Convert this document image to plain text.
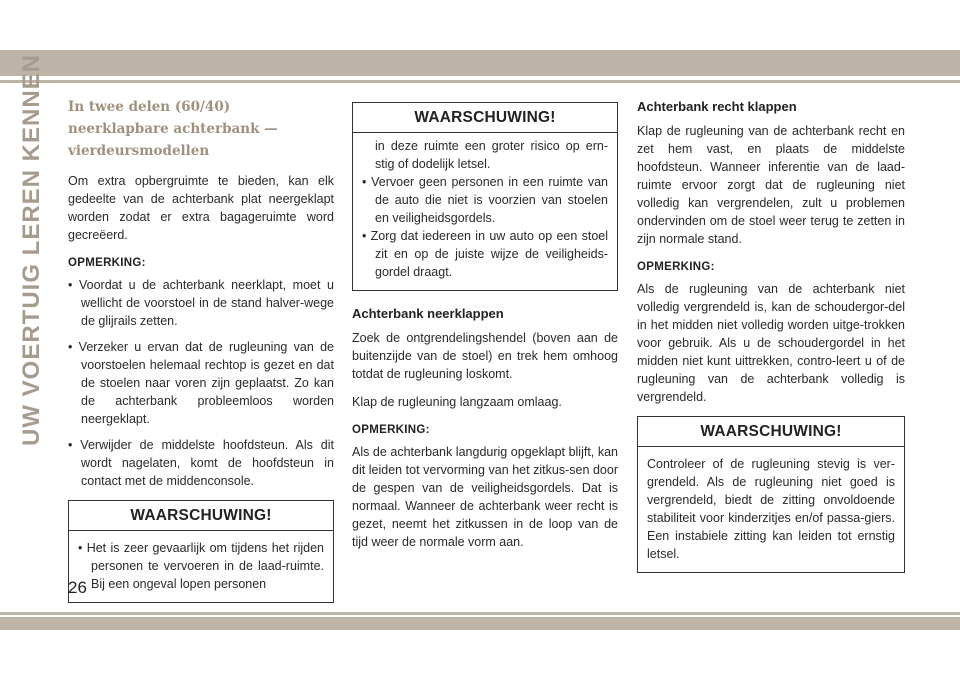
UW VOERTUIG LEREN KENNEN In twee delen (60/40) neerklapbare achterbank — vierdeursmodellen

Om extra opbergruimte te bieden, kan elk gedeelte van de achterbank plat neergeklapt worden zodat er extra bagageruimte word gecreëerd.

OPMERKING:
• Voordat u de achterbank neerklapt, moet u wellicht de voorstoel in de stand halver-wege de glijrails zetten.
• Verzeker u ervan dat de rugleuning van de voorstoelen helemaal rechtop is gezet en dat de stoelen naar voren zijn geplaatst. Zo kan de achterbank probleemloos worden neergeklapt.
• Verwijder de middelste hoofdsteun. Als dit wordt nagelaten, komt de hoofdsteun in contact met de middenconsole.
WAARSCHUWING!
• Het is zeer gevaarlijk om tijdens het rijden personen te vervoeren in de laad-ruimte. Bij een ongeval lopen personen
WAARSCHUWING!
in deze ruimte een groter risico op ern-stig of dodelijk letsel.
• Vervoer geen personen in een ruimte van de auto die niet is voorzien van stoelen en veiligheidsgordels.
• Zorg dat iedereen in uw auto op een stoel zit en op de juiste wijze de veiligheids-gordel draagt.
Achterbank neerklappen

Zoek de ontgrendelingshendel (boven aan de buitenzijde van de stoel) en trek hem omhoog totdat de rugleuning loskomt.

Klap de rugleuning langzaam omlaag.

OPMERKING:

Als de achterbank langdurig opgeklapt blijft, kan dit leiden tot vervorming van het zitkus-sen door de gespen van de veiligheidsgordels. Dat is normaal. Wanneer de achterbank weer recht is gezet, neemt het zitkussen in de loop van de tijd weer de normale vorm aan.

Achterbank recht klappen

Klap de rugleuning van de achterbank recht en zet hem vast, en plaats de middelste hoofdsteun. Wanneer inferentie van de laad-ruimte ervoor zorgt dat de rugleuning niet volledig kan vergrendelen, zult u problemen ondervinden om de stoel weer terug te zetten in zijn normale stand.

OPMERKING:

Als de rugleuning van de achterbank niet volledig vergrendeld is, kan de schoudergor-del in het midden niet volledig worden uitge-trokken voor gebruik. Als u de schoudergordel in het midden niet kunt uittrekken, contro-leert u of de rugleuning van de achterbank volledig is vergrendeld.

WAARSCHUWING!
Controleer of de rugleuning stevig is ver-grendeld. Als de rugleuning niet goed is vergrendeld, biedt de zitting onvoldoende stabiliteit voor kinderzitjes en/of passa-giers. Een instabiele zitting kan leiden tot ernstig letsel.
26
